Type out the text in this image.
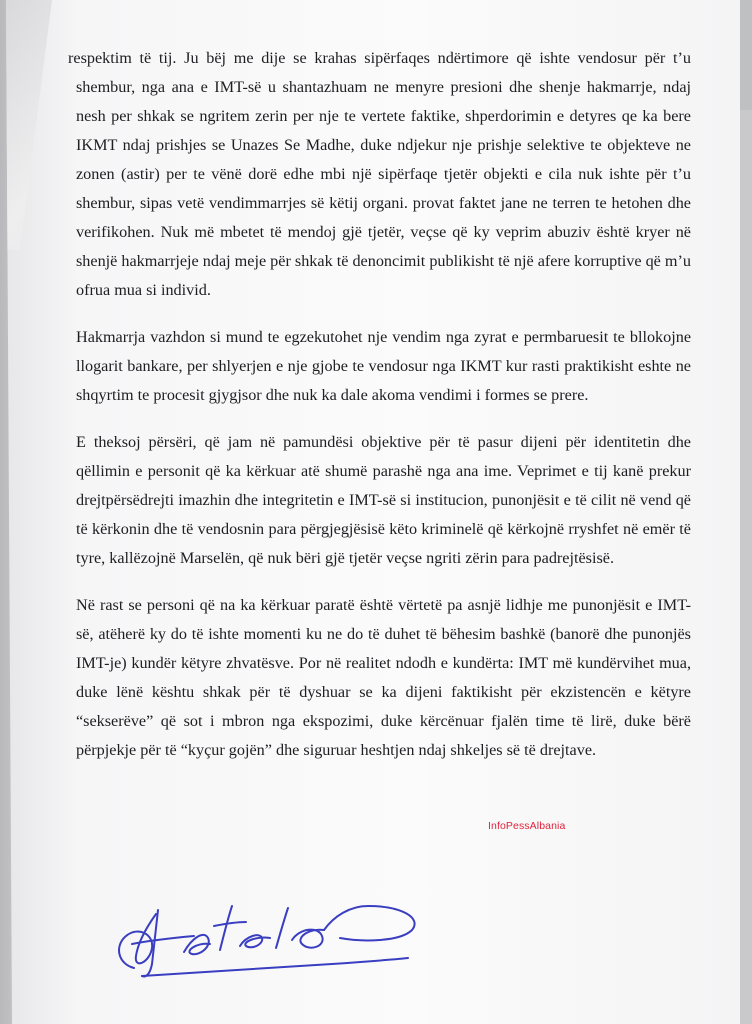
respektim të tij. Ju bëj me dije se krahas sipërfaqes ndërtimore që ishte vendosur për t’u shembur, nga ana e IMT-së u shantazhuam ne menyre presioni dhe shenje hakmarrje, ndaj nesh per shkak se ngritem zerin per nje te vertete faktike, shperdorimin e detyres qe ka bere IKMT ndaj prishjes se Unazes Se Madhe, duke ndjekur nje prishje selektive te objekteve ne zonen (astir) per te vënë dorë edhe mbi një sipërfaqe tjetër objekti e cila nuk ishte për t’u shembur, sipas vetë vendimmarrjes së këtij organi. provat faktet jane ne terren te hetohen dhe verifikohen. Nuk më mbetet të mendoj gjë tjetër, veçse që ky veprim abuziv është kryer në shenjë hakmarrjeje ndaj meje për shkak të denoncimit publikisht të një afere korruptive që m’u ofrua mua si individ.

Hakmarrja vazhdon si mund te egzekutohet nje vendim nga zyrat e permbaruesit te bllokojne llogarit bankare, per shlyerjen e nje gjobe te vendosur nga IKMT kur rasti praktikisht eshte ne shqyrtim te procesit gjygjsor dhe nuk ka dale akoma vendimi i formes se prere.

E theksoj përsëri, që jam në pamundësi objektive për të pasur dijeni për identitetin dhe qëllimin e personit që ka kërkuar atë shumë parashë nga ana ime. Veprimet e tij kanë prekur drejtpërsëdrejti imazhin dhe integritetin e IMT-së si institucion, punonjësit e të cilit në vend që të kërkonin dhe të vendosnin para përgjegjësisë këto kriminelë që kërkojnë rryshfet në emër të tyre, kallëzojnë Marselën, që nuk bëri gjë tjetër veçse ngriti zërin para padrejtësisë.

Në rast se personi që na ka kërkuar paratë është vërtetë pa asnjë lidhje me punonjësit e IMT-së, atëherë ky do të ishte momenti ku ne do të duhet të bëhesim bashkë (banorë dhe punonjës IMT-je) kundër këtyre zhvatësve. Por në realitet ndodh e kundërta: IMT më kundërvihet mua, duke lënë kështu shkak për të dyshuar se ka dijeni faktikisht për ekzistencën e këtyre “sekserëve” që sot i mbron nga ekspozimi, duke kërcënuar fjalën time të lirë, duke bërë përpjekje për të “kyçur gojën” dhe siguruar heshtjen ndaj shkeljes së të drejtave.

InfoPessAlbania
